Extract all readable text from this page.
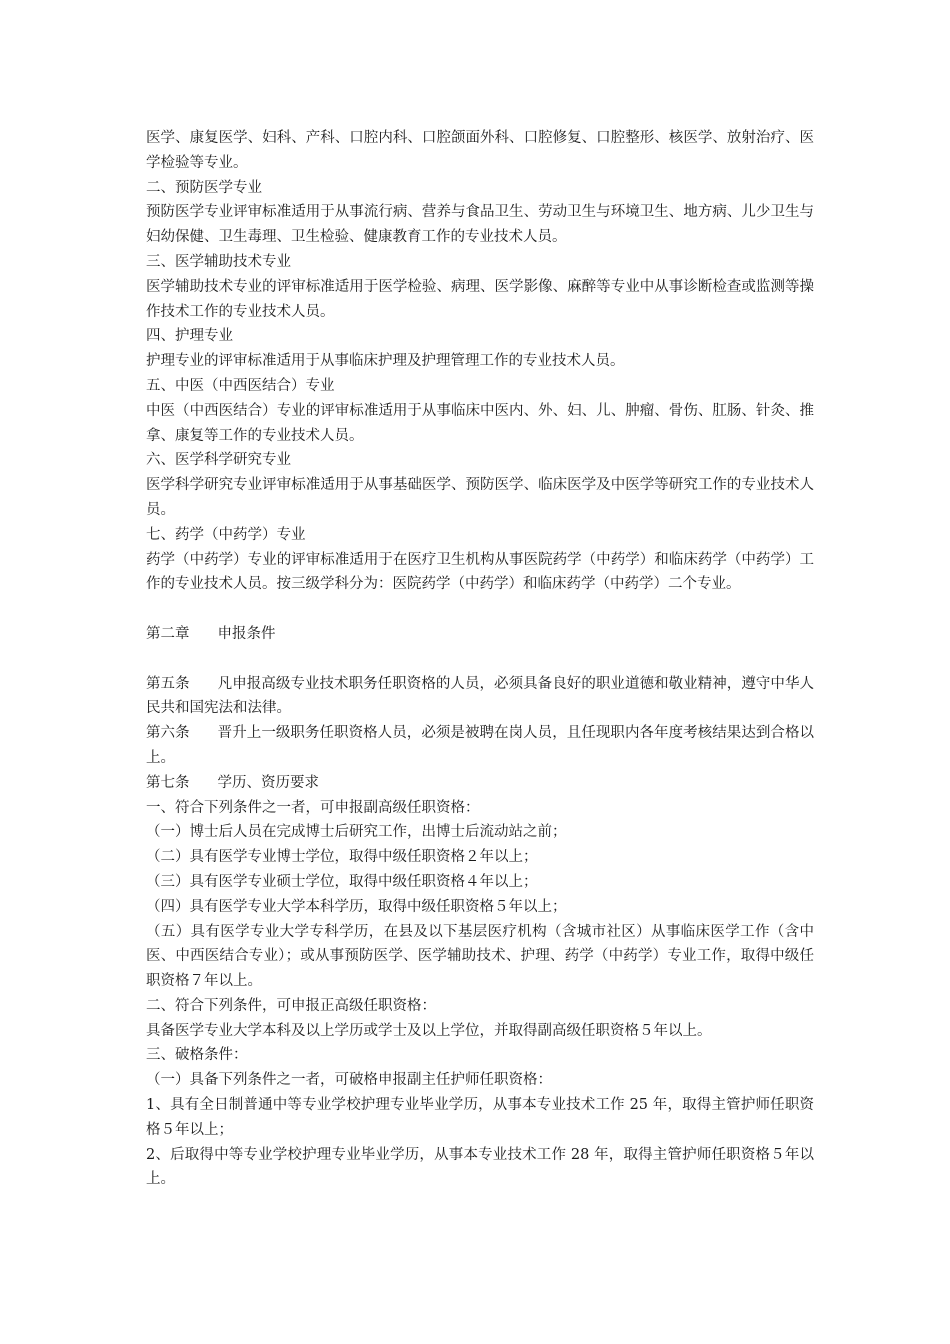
医学、康复医学、妇科、产科、口腔内科、口腔颌面外科、口腔修复、口腔整形、核医学、放射治疗、医学检验等专业。

二、预防医学专业

预防医学专业评审标准适用于从事流行病、营养与食品卫生、劳动卫生与环境卫生、地方病、儿少卫生与妇幼保健、卫生毒理、卫生检验、健康教育工作的专业技术人员。

三、医学辅助技术专业

医学辅助技术专业的评审标准适用于医学检验、病理、医学影像、麻醉等专业中从事诊断检查或监测等操作技术工作的专业技术人员。

四、护理专业

护理专业的评审标准适用于从事临床护理及护理管理工作的专业技术人员。

五、中医（中西医结合）专业

中医（中西医结合）专业的评审标准适用于从事临床中医内、外、妇、儿、肿瘤、骨伤、肛肠、针灸、推拿、康复等工作的专业技术人员。

六、医学科学研究专业

医学科学研究专业评审标准适用于从事基础医学、预防医学、临床医学及中医学等研究工作的专业技术人员。

七、药学（中药学）专业

药学（中药学）专业的评审标准适用于在医疗卫生机构从事医院药学（中药学）和临床药学（中药学）工作的专业技术人员。按三级学科分为：医院药学（中药学）和临床药学（中药学）二个专业。

第二章 申报条件

第五条 凡申报高级专业技术职务任职资格的人员，必须具备良好的职业道德和敬业精神，遵守中华人民共和国宪法和法律。

第六条 晋升上一级职务任职资格人员，必须是被聘在岗人员，且任现职内各年度考核结果达到合格以上。

第七条 学历、资历要求

一、符合下列条件之一者，可申报副高级任职资格：

（一）博士后人员在完成博士后研究工作，出博士后流动站之前；

（二）具有医学专业博士学位，取得中级任职资格２年以上；

（三）具有医学专业硕士学位，取得中级任职资格４年以上；

（四）具有医学专业大学本科学历，取得中级任职资格５年以上；

（五）具有医学专业大学专科学历，在县及以下基层医疗机构（含城市社区）从事临床医学工作（含中医、中西医结合专业）；或从事预防医学、医学辅助技术、护理、药学（中药学）专业工作，取得中级任职资格７年以上。

二、符合下列条件，可申报正高级任职资格：

具备医学专业大学本科及以上学历或学士及以上学位，并取得副高级任职资格５年以上。

三、破格条件：

（一）具备下列条件之一者，可破格申报副主任护师任职资格：

1、具有全日制普通中等专业学校护理专业毕业学历，从事本专业技术工作 25 年，取得主管护师任职资格５年以上；

2、后取得中等专业学校护理专业毕业学历，从事本专业技术工作 28 年，取得主管护师任职资格５年以上。
